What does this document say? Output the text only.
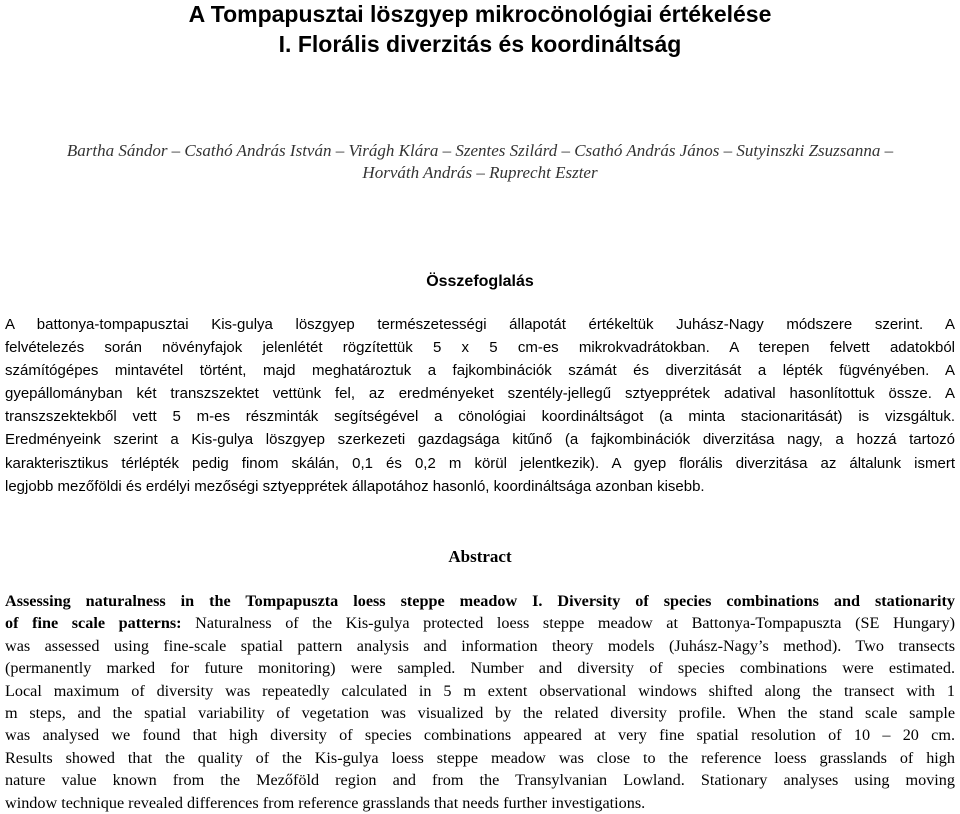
A Tompapusztai löszgyep mikrocönológiai értékelése
I. Florális diverzitás és koordináltság
Bartha Sándor – Csathó András István – Virágh Klára – Szentes Szilárd – Csathó András János – Sutyinszki Zsuzsanna –
Horváth András – Ruprecht Eszter
Összefoglalás
A battonya-tompapusztai Kis-gulya löszgyep természetességi állapotát értékeltük Juhász-Nagy módszere szerint. A
felvételezés során növényfajok jelenlétét rögzítettük 5 x 5 cm-es mikrokvadrátokban. A terepen felvett adatokból
számítógépes mintavétel történt, majd meghatároztuk a fajkombinációk számát és diverzitását a lépték fügvényében. A
gyepállományban két transzszektet vettünk fel, az eredményeket szentély-jellegű sztyepprétek adatival hasonlítottuk össze. A
transzszektekből vett 5 m-es részminták segítségével a cönológiai koordináltságot (a minta stacionaritását) is vizsgáltuk.
Eredményeink szerint a Kis-gulya löszgyep szerkezeti gazdagsága kitűnő (a fajkombinációk diverzitása nagy, a hozzá tartozó
karakterisztikus térlépték pedig finom skálán, 0,1 és 0,2 m körül jelentkezik). A gyep florális diverzitása az általunk ismert
legjobb mezőföldi és erdélyi mezőségi sztyepprétek állapotához hasonló, koordináltsága azonban kisebb.
Abstract
Assessing naturalness in the Tompapuszta loess steppe meadow I. Diversity of species combinations and stationarity
of fine scale patterns: Naturalness of the Kis-gulya protected loess steppe meadow at Battonya-Tompapuszta (SE Hungary)
was assessed using fine-scale spatial pattern analysis and information theory models (Juhász-Nagy’s method). Two transects
(permanently marked for future monitoring) were sampled. Number and diversity of species combinations were estimated.
Local maximum of diversity was repeatedly calculated in 5 m extent observational windows shifted along the transect with 1
m steps, and the spatial variability of vegetation was visualized by the related diversity profile. When the stand scale sample
was analysed we found that high diversity of species combinations appeared at very fine spatial resolution of 10 – 20 cm.
Results showed that the quality of the Kis-gulya loess steppe meadow was close to the reference loess grasslands of high
nature value known from the Mezőföld region and from the Transylvanian Lowland. Stationary analyses using moving
window technique revealed differences from reference grasslands that needs further investigations.
